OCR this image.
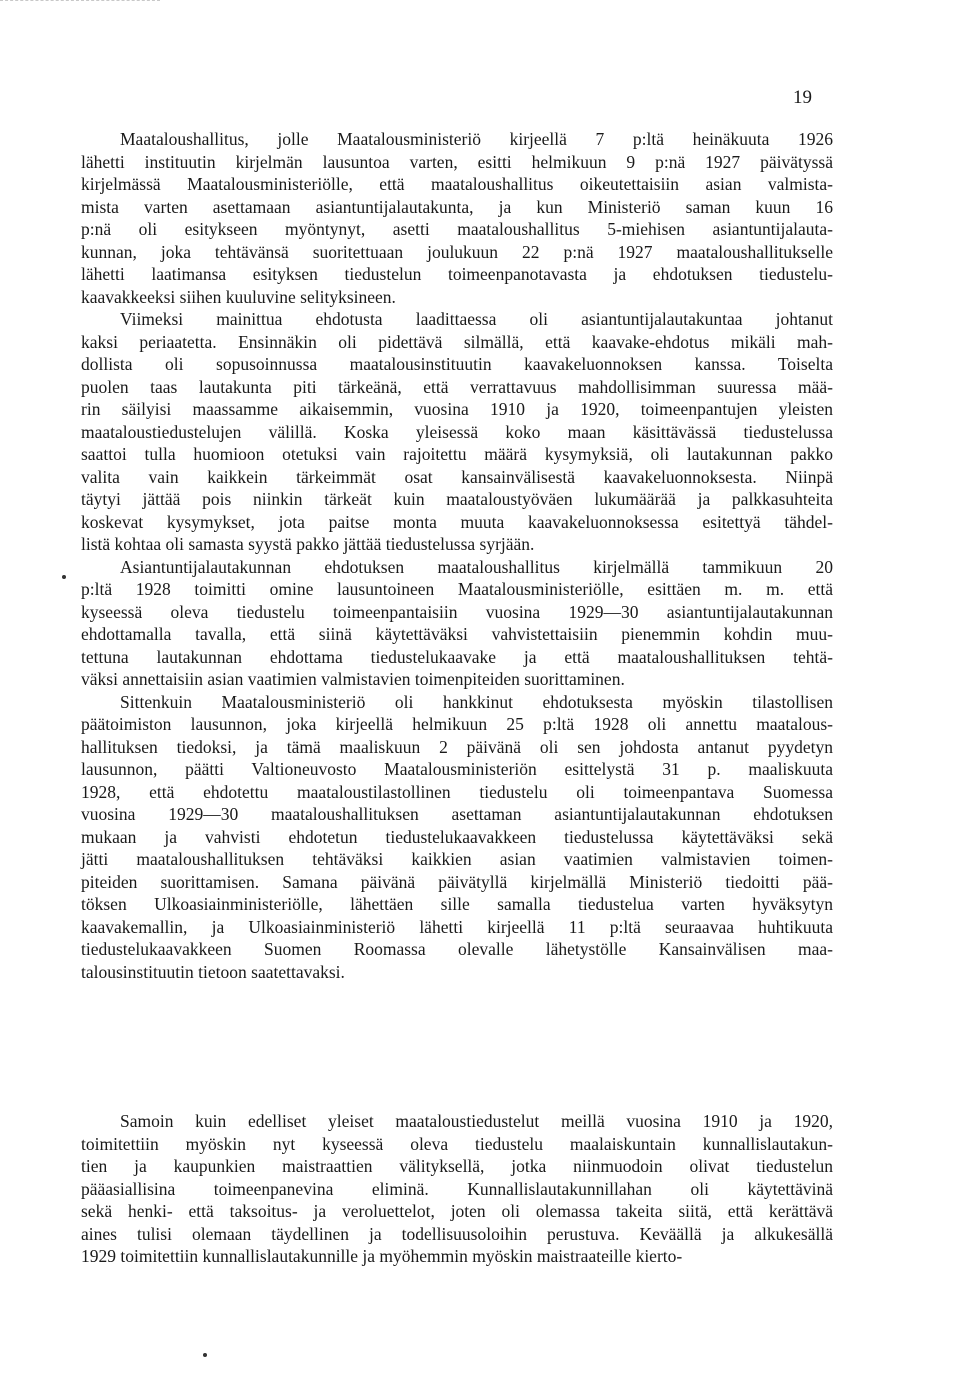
19
Maataloushallitus, jolle Maatalousministeriö kirjeellä 7 p:ltä heinäkuuta 1926
lähetti instituutin kirjelmän lausuntoa varten, esitti helmikuun 9 p:nä 1927 päivätyssä
kirjelmässä Maatalousministeriölle, että maataloushallitus oikeutettaisiin asian valmista-
mista varten asettamaan asiantuntijalautakunta, ja kun Ministeriö saman kuun 16
p:nä oli esitykseen myöntynyt, asetti maataloushallitus 5-miehisen asiantuntijalauta-
kunnan, joka tehtävänsä suoritettuaan joulukuun 22 p:nä 1927 maataloushallitukselle
lähetti laatimansa esityksen tiedustelun toimeenpanotavasta ja ehdotuksen tiedustelu-
kaavakkeeksi siihen kuuluvine selityksineen.
Viimeksi mainittua ehdotusta laadittaessa oli asiantuntijalautakuntaa johtanut
kaksi periaatetta. Ensinnäkin oli pidettävä silmällä, että kaavake-ehdotus mikäli mah-
dollista oli sopusoinnussa maatalousinstituutin kaavakeluonnoksen kanssa. Toiselta
puolen taas lautakunta piti tärkeänä, että verrattavuus mahdollisimman suuressa mää-
rin säilyisi maassamme aikaisemmin, vuosina 1910 ja 1920, toimeenpantujen yleisten
maataloustiedustelujen välillä. Koska yleisessä koko maan käsittävässä tiedustelussa
saattoi tulla huomioon otetuksi vain rajoitettu määrä kysymyksiä, oli lautakunnan pakko
valita vain kaikkein tärkeimmät osat kansainvälisestä kaavakeluonnoksesta. Niinpä
täytyi jättää pois niinkin tärkeät kuin maataloustyöväen lukumäärää ja palkkasuhteita
koskevat kysymykset, jota paitse monta muuta kaavakeluonnoksessa esitettyä tähdel-
listä kohtaa oli samasta syystä pakko jättää tiedustelussa syrjään.
Asiantuntijalautakunnan ehdotuksen maataloushallitus kirjelmällä tammikuun 20
p:ltä 1928 toimitti omine lausuntoineen Maatalousministeriölle, esittäen m. m. että
kyseessä oleva tiedustelu toimeenpantaisiin vuosina 1929—30 asiantuntijalautakunnan
ehdottamalla tavalla, että siinä käytettäväksi vahvistettaisiin pienemmin kohdin muu-
tettuna lautakunnan ehdottama tiedustelukaavake ja että maataloushallituksen tehtä-
väksi annettaisiin asian vaatimien valmistavien toimenpiteiden suorittaminen.
Sittenkuin Maatalousministeriö oli hankkinut ehdotuksesta myöskin tilastollisen
päätoimiston lausunnon, joka kirjeellä helmikuun 25 p:ltä 1928 oli annettu maatalous-
hallituksen tiedoksi, ja tämä maaliskuun 2 päivänä oli sen johdosta antanut pyydetyn
lausunnon, päätti Valtioneuvosto Maatalousministeriön esittelystä 31 p. maaliskuuta
1928, että ehdotettu maataloustilastollinen tiedustelu oli toimeenpantava Suomessa
vuosina 1929—30 maataloushallituksen asettaman asiantuntijalautakunnan ehdotuksen
mukaan ja vahvisti ehdotetun tiedustelukaavakkeen tiedustelussa käytettäväksi sekä
jätti maataloushallituksen tehtäväksi kaikkien asian vaatimien valmistavien toimen-
piteiden suorittamisen. Samana päivänä päivätyllä kirjelmällä Ministeriö tiedoitti pää-
töksen Ulkoasiainministeriölle, lähettäen sille samalla tiedustelua varten hyväksytyn
kaavakemallin, ja Ulkoasiainministeriö lähetti kirjeellä 11 p:ltä seuraavaa huhtikuuta
tiedustelukaavakkeen Suomen Roomassa olevalle lähetystölle Kansainvälisen maa-
talousinstituutin tietoon saatettavaksi.
Samoin kuin edelliset yleiset maataloustiedustelut meillä vuosina 1910 ja 1920,
toimitettiin myöskin nyt kyseessä oleva tiedustelu maalaiskuntain kunnallislautakun-
tien ja kaupunkien maistraattien välityksellä, jotka niinmuodoin olivat tiedustelun
pääasiallisina toimeenpanevina eliminä. Kunnallislautakunnillahan oli käytettävinä
sekä henki- että taksoitus- ja veroluettelot, joten oli olemassa takeita siitä, että kerättävä
aines tulisi olemaan täydellinen ja todellisuusoloihin perustuva. Keväällä ja alkukesällä
1929 toimitettiin kunnallislautakunnille ja myöhemmin myöskin maistraateille kierto-
